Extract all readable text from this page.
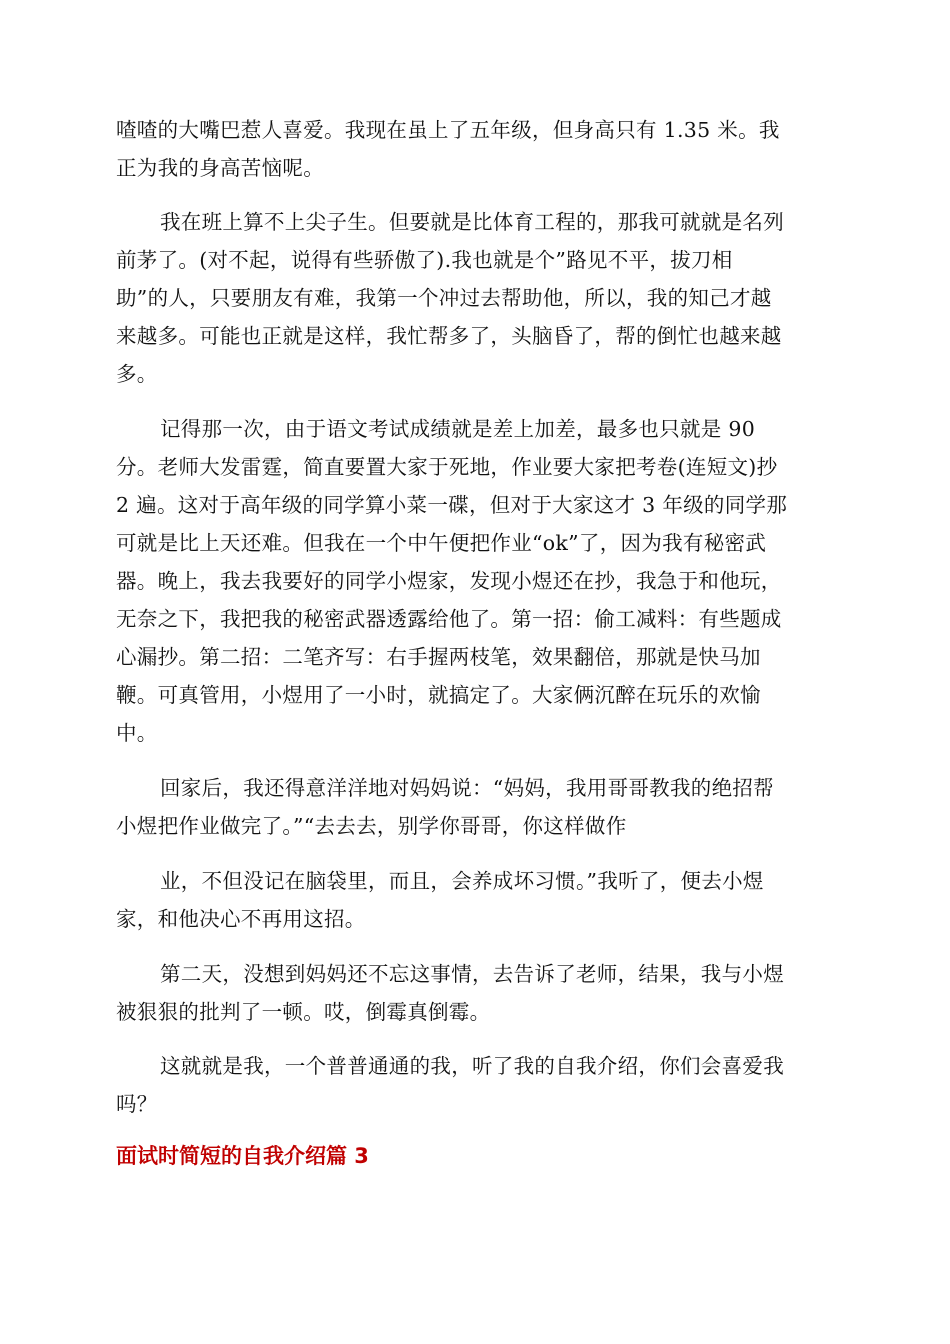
喳喳的大嘴巴惹人喜爱。我现在虽上了五年级，但身高只有 1.35 米。我
正为我的身高苦恼呢。
我在班上算不上尖子生。但要就是比体育工程的，那我可就就是名列
前茅了。(对不起，说得有些骄傲了).我也就是个”路见不平，拔刀相
助”的人，只要朋友有难，我第一个冲过去帮助他，所以，我的知己才越
来越多。可能也正就是这样，我忙帮多了，头脑昏了，帮的倒忙也越来越
多。
记得那一次，由于语文考试成绩就是差上加差，最多也只就是 90
分。老师大发雷霆，简直要置大家于死地，作业要大家把考卷(连短文)抄
2 遍。这对于高年级的同学算小菜一碟，但对于大家这才 3 年级的同学那
可就是比上天还难。但我在一个中午便把作业“ok”了，因为我有秘密武
器。晚上，我去我要好的同学小煜家，发现小煜还在抄，我急于和他玩，
无奈之下，我把我的秘密武器透露给他了。第一招：偷工减料：有些题成
心漏抄。第二招：二笔齐写：右手握两枝笔，效果翻倍，那就是快马加
鞭。可真管用，小煜用了一小时，就搞定了。大家俩沉醉在玩乐的欢愉
中。
回家后，我还得意洋洋地对妈妈说：“妈妈，我用哥哥教我的绝招帮
小煜把作业做完了。”“去去去，别学你哥哥，你这样做作
业，不但没记在脑袋里，而且，会养成坏习惯。”我听了，便去小煜
家，和他决心不再用这招。
第二天，没想到妈妈还不忘这事情，去告诉了老师，结果，我与小煜
被狠狠的批判了一顿。哎，倒霉真倒霉。
这就就是我，一个普普通通的我，听了我的自我介绍，你们会喜爱我
吗？
面试时简短的自我介绍篇 3
